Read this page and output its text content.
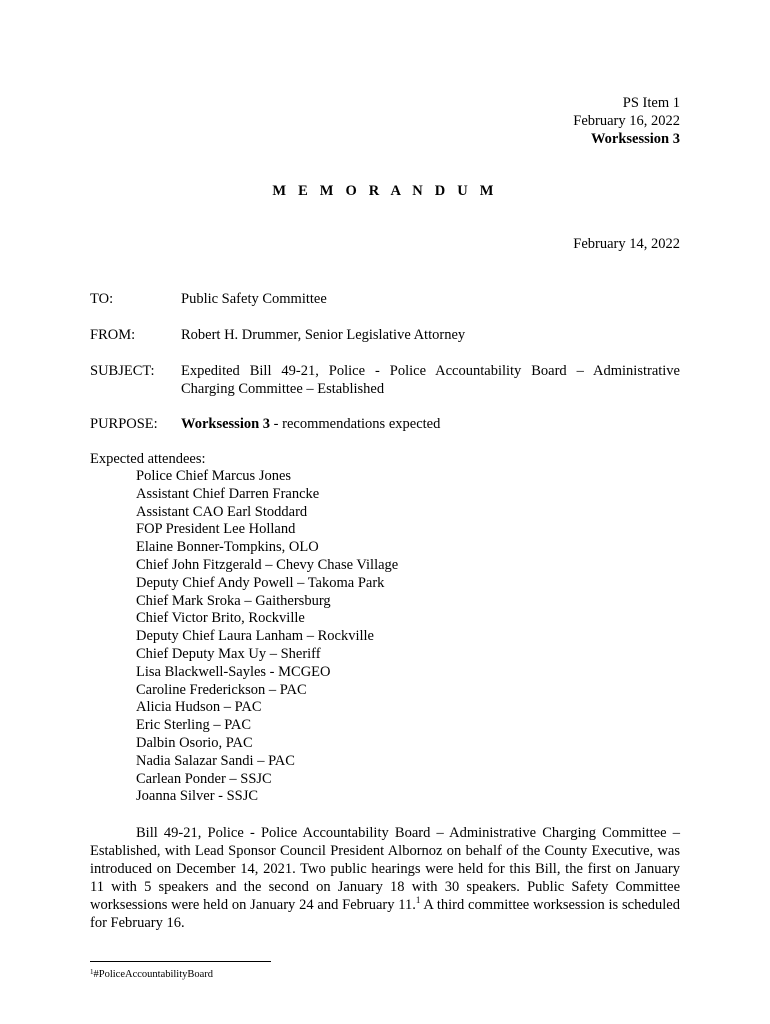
PS Item 1
February 16, 2022
Worksession 3
M E M O R A N D U M
February 14, 2022
TO:	Public Safety Committee
FROM:	Robert H. Drummer, Senior Legislative Attorney
SUBJECT:	Expedited Bill 49-21, Police - Police Accountability Board – Administrative Charging Committee – Established
PURPOSE:	Worksession 3 - recommendations expected
Expected attendees:
Police Chief Marcus Jones
Assistant Chief Darren Francke
Assistant CAO Earl Stoddard
FOP President Lee Holland
Elaine Bonner-Tompkins, OLO
Chief John Fitzgerald – Chevy Chase Village
Deputy Chief Andy Powell – Takoma Park
Chief Mark Sroka – Gaithersburg
Chief Victor Brito, Rockville
Deputy Chief Laura Lanham – Rockville
Chief Deputy Max Uy – Sheriff
Lisa Blackwell-Sayles - MCGEO
Caroline Frederickson – PAC
Alicia Hudson – PAC
Eric Sterling – PAC
Dalbin Osorio, PAC
Nadia Salazar Sandi – PAC
Carlean Ponder – SSJC
Joanna Silver - SSJC

Bill 49-21, Police - Police Accountability Board – Administrative Charging Committee – Established, with Lead Sponsor Council President Albornoz on behalf of the County Executive, was introduced on December 14, 2021. Two public hearings were held for this Bill, the first on January 11 with 5 speakers and the second on January 18 with 30 speakers. Public Safety Committee worksessions were held on January 24 and February 11.$^1$ A third committee worksession is scheduled for February 16.

$^1$#PoliceAccountabilityBoard
